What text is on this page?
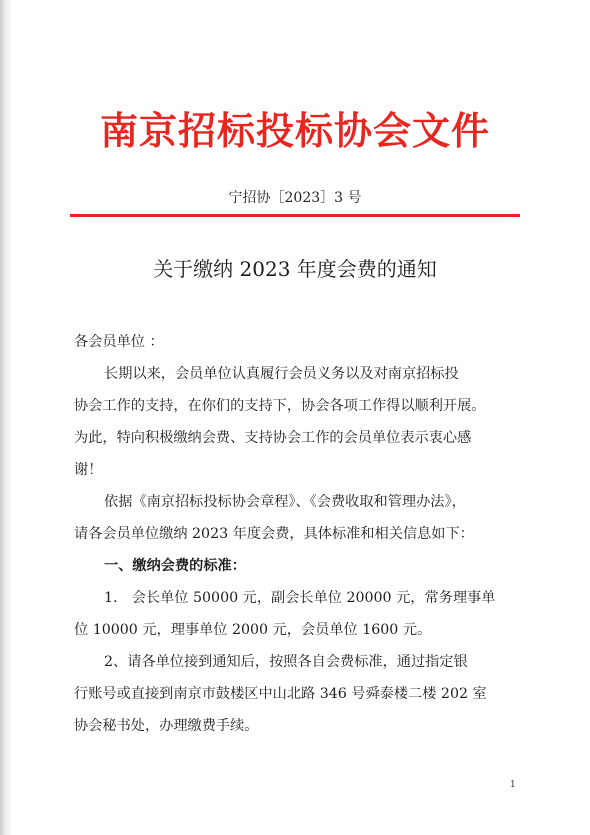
南京招标投标协会文件
宁招协［2023］3 号
关于缴纳 2023 年度会费的通知
各会员单位 ：
长期以来，会员单位认真履行会员义务以及对南京招标投
协会工作的支持，在你们的支持下，协会各项工作得以顺利开展。
为此，特向积极缴纳会费、支持协会工作的会员单位表示衷心感
谢！
依据《南京招标投标协会章程》、《会费收取和管理办法》，
请各会员单位缴纳 2023 年度会费，具体标准和相关信息如下：
一、缴纳会费的标准：
1.　会长单位 50000 元，副会长单位 20000 元，常务理事单
位 10000 元，理事单位 2000 元，会员单位 1600 元。
2、请各单位接到通知后，按照各自会费标准，通过指定银
行账号或直接到南京市鼓楼区中山北路 346 号舜泰楼二楼 202 室
协会秘书处，办理缴费手续。
1
